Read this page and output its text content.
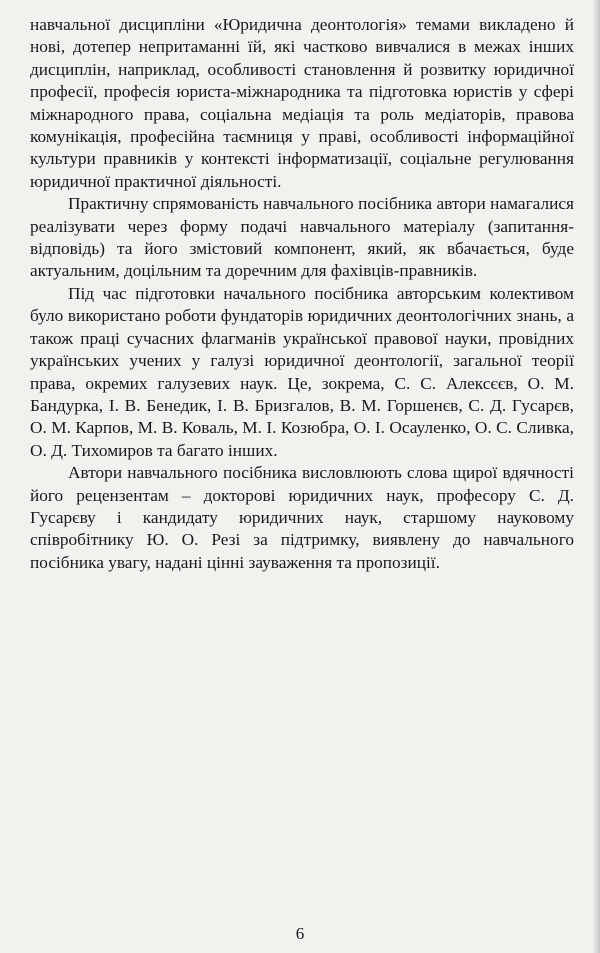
навчальної дисципліни «Юридична деонтологія» темами викладено й нові, дотепер непритаманні їй, які частково вивчалися в межах інших дисциплін, наприклад, особливості становлення й розвитку юридичної професії, професія юриста-міжнародника та підготовка юристів у сфері міжнародного права, соціальна медіація та роль медіаторів, правова комунікація, професійна таємниця у праві, особливості інформаційної культури правників у контексті інформатизації, соціальне регулювання юридичної практичної діяльності.

Практичну спрямованість навчального посібника автори намагалися реалізувати через форму подачі навчального матеріалу (запитання-відповідь) та його змістовий компонент, який, як вбачається, буде актуальним, доцільним та доречним для фахівців-правників.

Під час підготовки начального посібника авторським колективом було використано роботи фундаторів юридичних деонтологічних знань, а також праці сучасних флагманів української правової науки, провідних українських учених у галузі юридичної деонтології, загальної теорії права, окремих галузевих наук. Це, зокрема, С. С. Алексєєв, О. М. Бандурка, І. В. Бенедик, І. В. Бризгалов, В. М. Горшенєв, С. Д. Гусарєв, О. М. Карпов, М. В. Коваль, М. І. Козюбра, О. І. Осауленко, О. С. Сливка, О. Д. Тихомиров та багато інших.

Автори навчального посібника висловлюють слова щирої вдячності його рецензентам – докторові юридичних наук, професору С. Д. Гусарєву і кандидату юридичних наук, старшому науковому співробітнику Ю. О. Резі за підтримку, виявлену до навчального посібника увагу, надані цінні зауваження та пропозиції.

6
